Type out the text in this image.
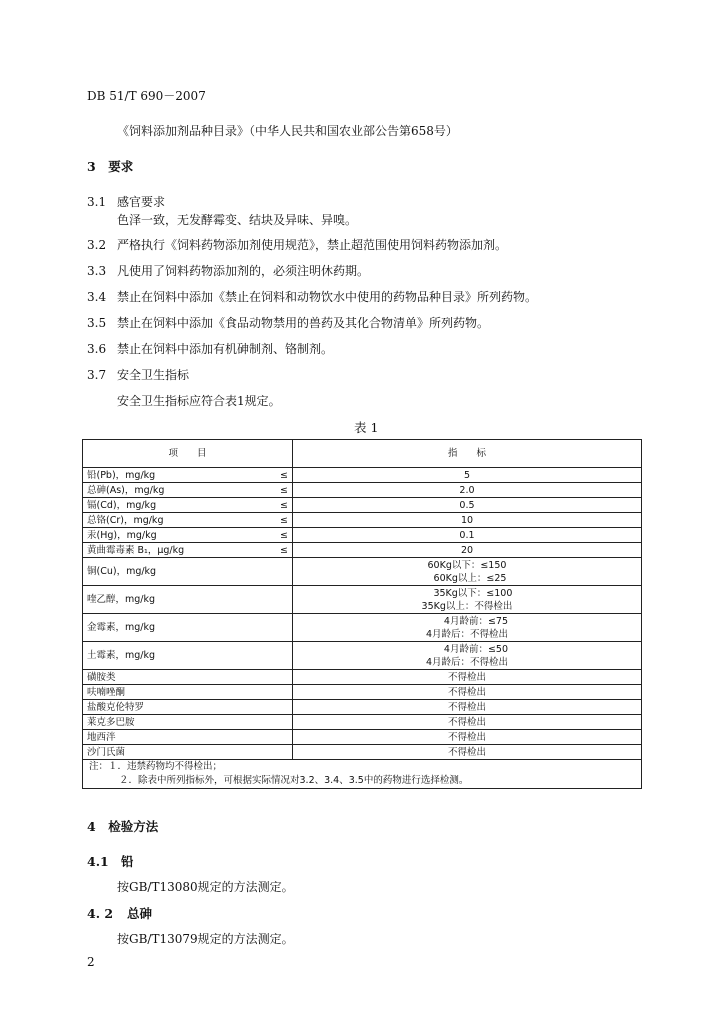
DB 51/T 690－2007
《饲料添加剂品种目录》（中华人民共和国农业部公告第658号）
3　 要求
3.1 感官要求
色泽一致，无发酵霉变、结块及异味、异嗅。
3.2 严格执行《饲料药物添加剂使用规范》，禁止超范围使用饲料药物添加剂。
3.3 凡使用了饲料药物添加剂的，必须注明休药期。
3.4 禁止在饲料中添加《禁止在饲料和动物饮水中使用的药物品种目录》所列药物。
3.5 禁止在饲料中添加《食品动物禁用的兽药及其化合物清单》所列药物。
3.6 禁止在饲料中添加有机砷制剂、铬制剂。
3.7 安全卫生指标
安全卫生指标应符合表1规定。
表 1
项　　目		指　　标
铅(Pb)，mg/kg	≤	5
总砷(As)，mg/kg	≤	2.0
镉(Cd)，mg/kg	≤	0.5
总铬(Cr)，mg/kg	≤	10
汞(Hg)，mg/kg	≤	0.1
黄曲霉毒素 B₁，μg/kg	≤	20
铜(Cu)，mg/kg		60Kg以下：≤150
60Kg以上：≤25
喹乙醇，mg/kg		35Kg以下：≤100
35Kg以上：不得检出
金霉素，mg/kg		4月龄前：≤75
4月龄后：不得检出
土霉素，mg/kg		4月龄前：≤50
4月龄后：不得检出
磺胺类		不得检出
呋喃唑酮		不得检出
盐酸克伦特罗		不得检出
莱克多巴胺		不得检出
地西泮		不得检出
沙门氏菌		不得检出
注：１．违禁药物均不得检出；
２．除表中所列指标外，可根据实际情况对3.2、3.4、3.5中的药物进行选择检测。		
4　 检验方法
4.1 铅
按GB/T13080规定的方法测定。
4. 2 总砷
按GB/T13079规定的方法测定。
2
